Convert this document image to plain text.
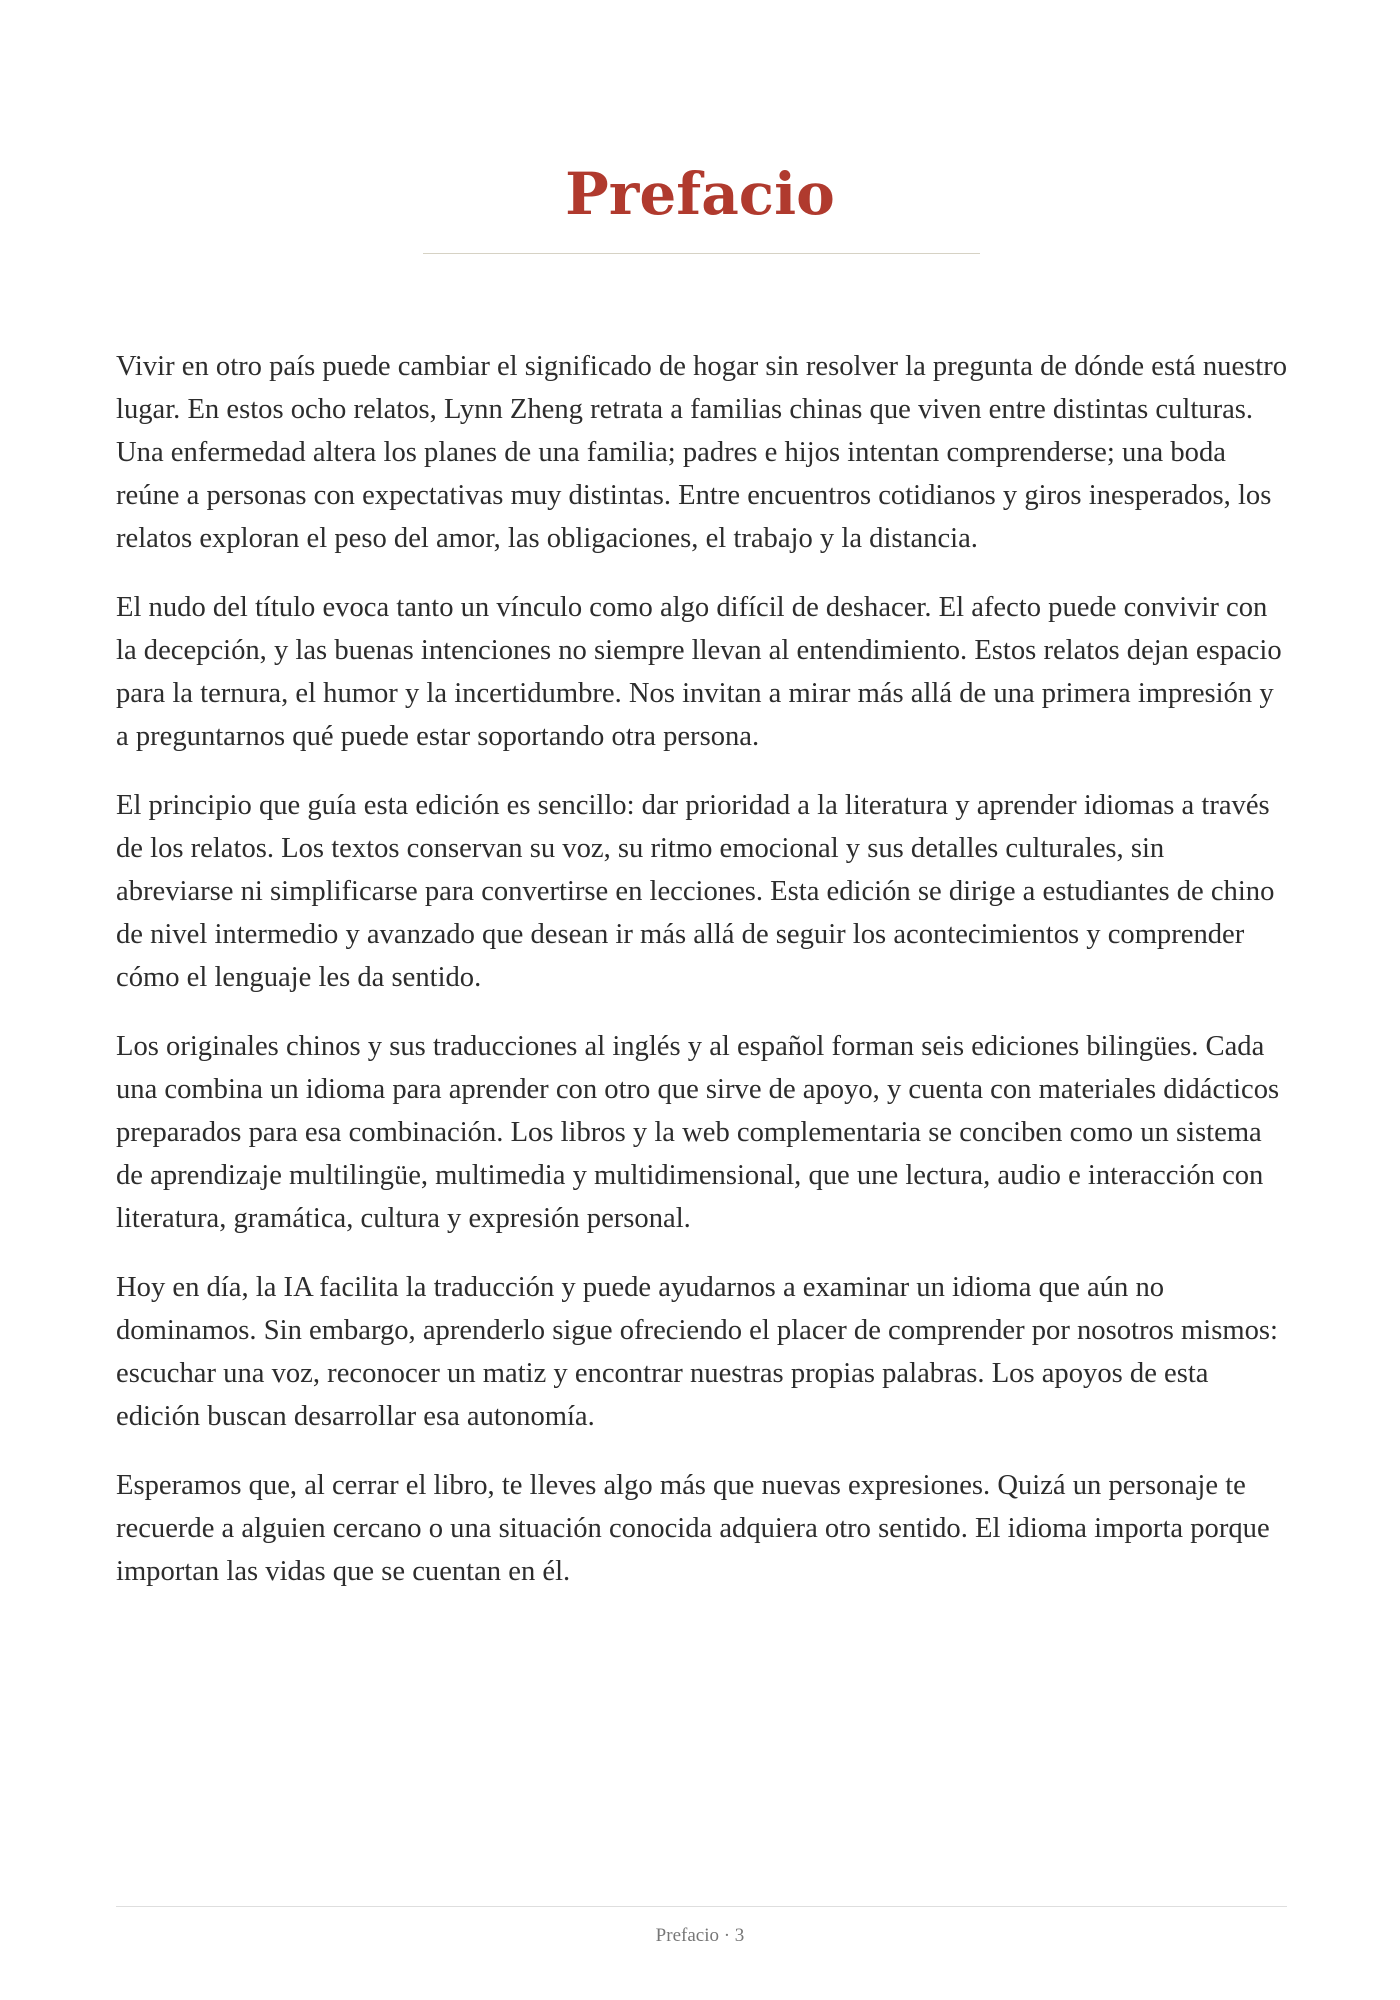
Prefacio

Vivir en otro país puede cambiar el significado de hogar sin resolver la pregunta de dónde está nuestro lugar. En estos ocho relatos, Lynn Zheng retrata a familias chinas que viven entre distintas culturas. Una enfermedad altera los planes de una familia; padres e hijos intentan comprenderse; una boda reúne a personas con expectativas muy distintas. Entre encuentros cotidianos y giros inesperados, los relatos exploran el peso del amor, las obligaciones, el trabajo y la distancia.

El nudo del título evoca tanto un vínculo como algo difícil de deshacer. El afecto puede convivir con la decepción, y las buenas intenciones no siempre llevan al entendimiento. Estos relatos dejan espacio para la ternura, el humor y la incertidumbre. Nos invitan a mirar más allá de una primera impresión y a preguntarnos qué puede estar soportando otra persona.

El principio que guía esta edición es sencillo: dar prioridad a la literatura y aprender idiomas a través de los relatos. Los textos conservan su voz, su ritmo emocional y sus detalles culturales, sin abreviarse ni simplificarse para convertirse en lecciones. Esta edición se dirige a estudiantes de chino de nivel intermedio y avanzado que desean ir más allá de seguir los acontecimientos y comprender cómo el lenguaje les da sentido.

Los originales chinos y sus traducciones al inglés y al español forman seis ediciones bilingües. Cada una combina un idioma para aprender con otro que sirve de apoyo, y cuenta con materiales didácticos preparados para esa combinación. Los libros y la web complementaria se conciben como un sistema de aprendizaje multilingüe, multimedia y multidimensional, que une lectura, audio e interacción con literatura, gramática, cultura y expresión personal.

Hoy en día, la IA facilita la traducción y puede ayudarnos a examinar un idioma que aún no dominamos. Sin embargo, aprenderlo sigue ofreciendo el placer de comprender por nosotros mismos: escuchar una voz, reconocer un matiz y encontrar nuestras propias palabras. Los apoyos de esta edición buscan desarrollar esa autonomía.

Esperamos que, al cerrar el libro, te lleves algo más que nuevas expresiones. Quizá un personaje te recuerde a alguien cercano o una situación conocida adquiera otro sentido. El idioma importa porque importan las vidas que se cuentan en él.

Prefacio · 3
